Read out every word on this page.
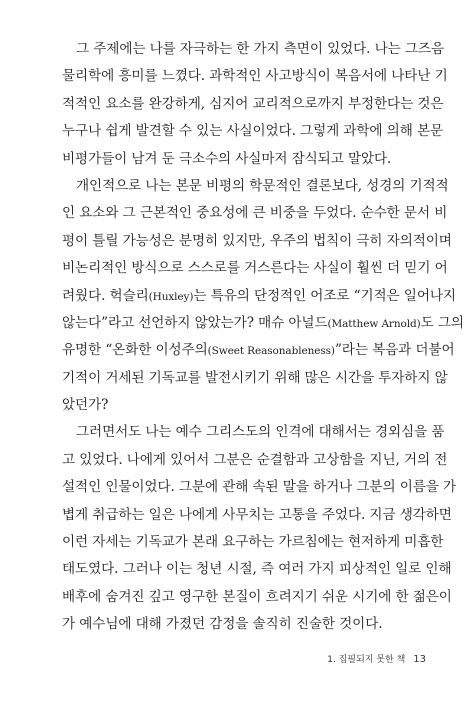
그 주제에는 나를 자극하는 한 가지 측면이 있었다. 나는 그즈음
물리학에 흥미를 느꼈다. 과학적인 사고방식이 복음서에 나타난 기
적적인 요소를 완강하게, 심지어 교리적으로까지 부정한다는 것은
누구나 쉽게 발견할 수 있는 사실이었다. 그렇게 과학에 의해 본문
비평가들이 남겨 둔 극소수의 사실마저 잠식되고 말았다.
개인적으로 나는 본문 비평의 학문적인 결론보다, 성경의 기적적
인 요소와 그 근본적인 중요성에 큰 비중을 두었다. 순수한 문서 비
평이 틀릴 가능성은 분명히 있지만, 우주의 법칙이 극히 자의적이며
비논리적인 방식으로 스스로를 거스른다는 사실이 훨씬 더 믿기 어
려웠다. 헉슬리(Huxley)는 특유의 단정적인 어조로 “기적은 일어나지
않는다”라고 선언하지 않았는가? 매슈 아널드(Matthew Arnold)도 그의
유명한 “온화한 이성주의(Sweet Reasonableness)”라는 복음과 더불어
기적이 거세된 기독교를 발전시키기 위해 많은 시간을 투자하지 않
았던가?
그러면서도 나는 예수 그리스도의 인격에 대해서는 경외심을 품
고 있었다. 나에게 있어서 그분은 순결함과 고상함을 지닌, 거의 전
설적인 인물이었다. 그분에 관해 속된 말을 하거나 그분의 이름을 가
볍게 취급하는 일은 나에게 사무치는 고통을 주었다. 지금 생각하면
이런 자세는 기독교가 본래 요구하는 가르침에는 현저하게 미흡한
태도였다. 그러나 이는 청년 시절, 즉 여러 가지 피상적인 일로 인해
배후에 숨겨진 깊고 영구한 본질이 흐려지기 쉬운 시기에 한 젊은이
가 예수님에 대해 가졌던 감정을 솔직히 진술한 것이다.
1. 집필되지 못한 책 13
